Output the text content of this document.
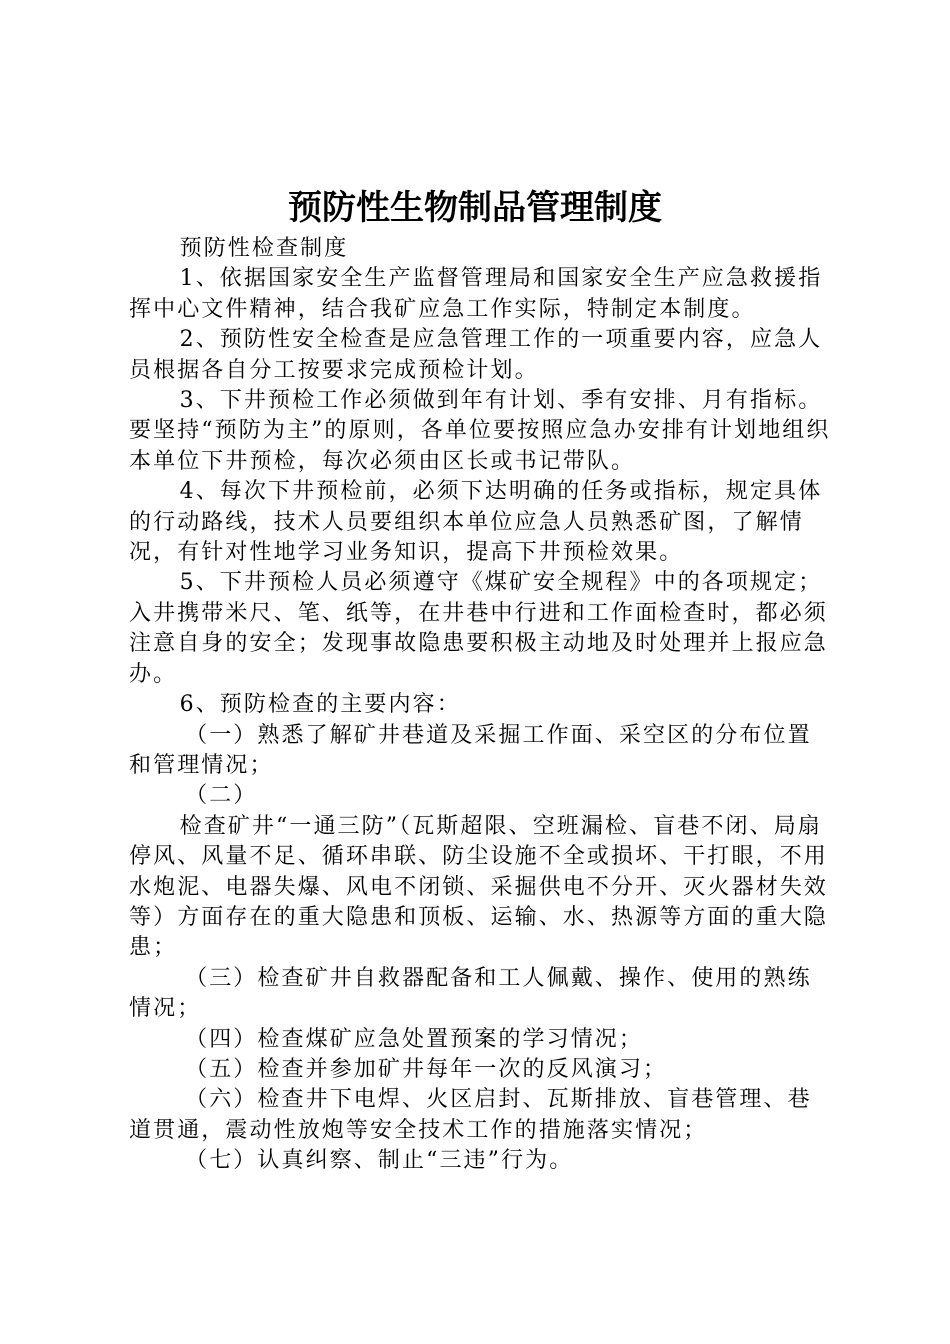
预防性生物制品管理制度

预防性检查制度

1、依据国家安全生产监督管理局和国家安全生产应急救援指挥中心文件精神，结合我矿应急工作实际，特制定本制度。

2、预防性安全检查是应急管理工作的一项重要内容，应急人员根据各自分工按要求完成预检计划。

3、下井预检工作必须做到年有计划、季有安排、月有指标。要坚持“预防为主”的原则，各单位要按照应急办安排有计划地组织本单位下井预检，每次必须由区长或书记带队。

4、每次下井预检前，必须下达明确的任务或指标，规定具体的行动路线，技术人员要组织本单位应急人员熟悉矿图，了解情况，有针对性地学习业务知识，提高下井预检效果。

5、下井预检人员必须遵守《煤矿安全规程》中的各项规定；入井携带米尺、笔、纸等，在井巷中行进和工作面检查时，都必须注意自身的安全；发现事故隐患要积极主动地及时处理并上报应急办。

6、预防检查的主要内容：

（一）熟悉了解矿井巷道及采掘工作面、采空区的分布位置和管理情况；

（二）

检查矿井“一通三防”（瓦斯超限、空班漏检、盲巷不闭、局扇停风、风量不足、循环串联、防尘设施不全或损坏、干打眼，不用水炮泥、电器失爆、风电不闭锁、采掘供电不分开、灭火器材失效等）方面存在的重大隐患和顶板、运输、水、热源等方面的重大隐患；

（三）检查矿井自救器配备和工人佩戴、操作、使用的熟练情况；

（四）检查煤矿应急处置预案的学习情况；

（五）检查并参加矿井每年一次的反风演习；

（六）检查井下电焊、火区启封、瓦斯排放、盲巷管理、巷道贯通，震动性放炮等安全技术工作的措施落实情况；

（七）认真纠察、制止“三违”行为。
